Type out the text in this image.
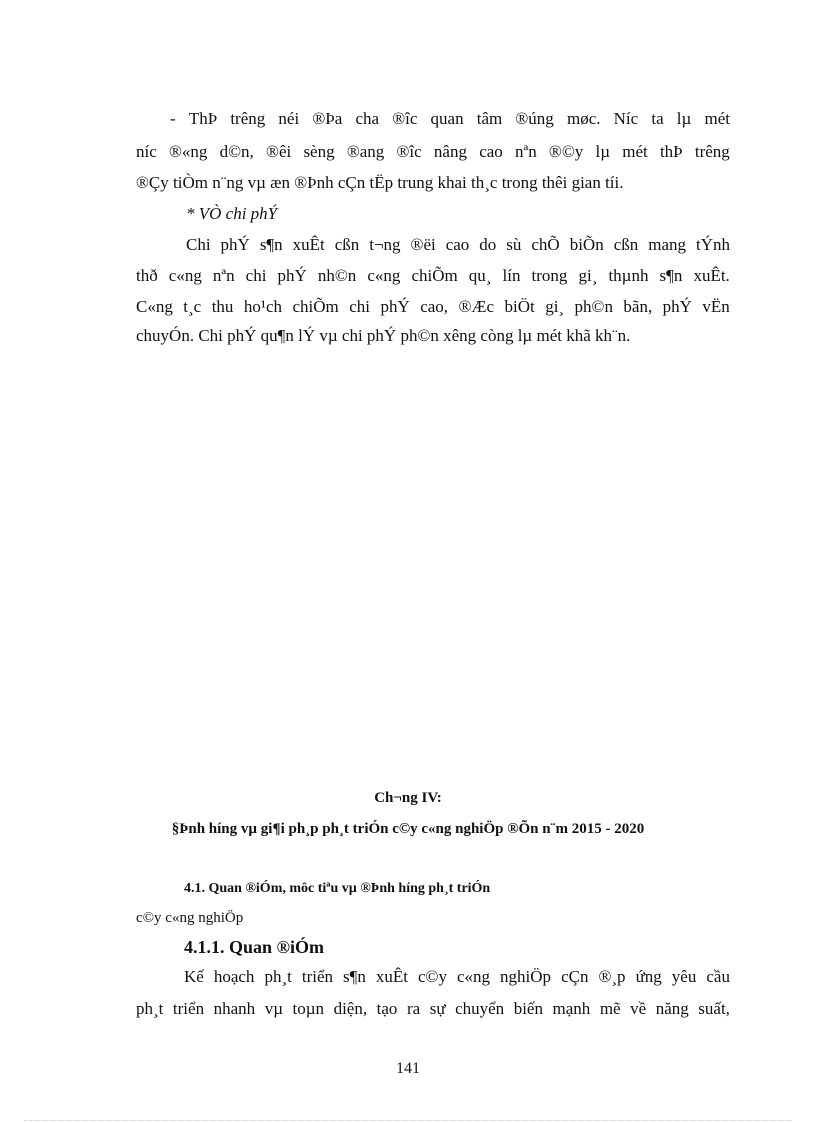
- ThÞ trêng néi ®Þa cha ®îc quan tâm ®úng møc. Níc ta lµ mét
níc ®«ng d©n, ®êi sèng ®ang ®îc nâng cao nªn ®©y lµ mét thÞ trêng
®Çy tiÒm n¨ng vµ æn ®Þnh cÇn tËp trung khai th¸c trong thêi gian tíi.
* VÒ chi phÝ
Chi phÝ s¶n xuÊt cßn t¬ng ®ëi cao do sù chÕ biÕn cßn mang tÝnh
thð c«ng nªn chi phÝ nh©n c«ng chiÕm qu¸ lín trong gi¸ thµnh s¶n xuÊt.
C«ng t¸c thu ho¹ch chiÕm chi phÝ cao, ®Æc biÖt gi¸ ph©n bãn, phÝ vËn
chuyÓn. Chi phÝ qu¶n lÝ vµ chi phÝ ph©n xêng còng lµ mét khã kh¨n.
Ch¬ng IV:
§Þnh híng vµ gi¶i ph¸p ph¸t triÓn c©y c«ng nghiÖp ®Õn n¨m 2015 - 2020
4.1. Quan ®iÓm, môc tiªu vµ ®Þnh híng ph¸t triÓn
c©y c«ng nghiÖp
4.1.1. Quan ®iÓm
Kế hoạch ph¸t triển s¶n xuÊt c©y c«ng nghiÖp cÇn ®¸p ứng yêu cầu
ph¸t triển nhanh vµ toµn diện, tạo ra sự chuyển biến mạnh mẽ về năng suất,
141
